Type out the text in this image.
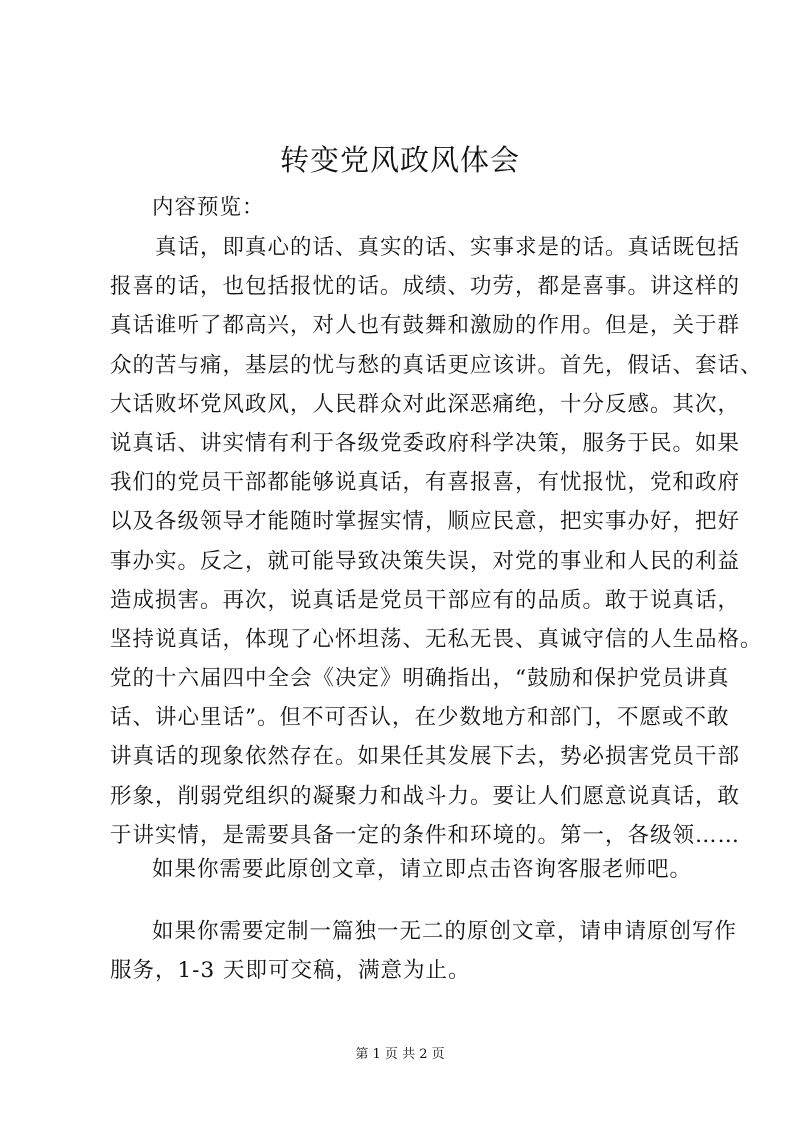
转变党风政风体会
内容预览：
　　真话，即真心的话、真实的话、实事求是的话。真话既包括
报喜的话，也包括报忧的话。成绩、功劳，都是喜事。讲这样的
真话谁听了都高兴，对人也有鼓舞和激励的作用。但是，关于群
众的苦与痛，基层的忧与愁的真话更应该讲。首先，假话、套话、
大话败坏党风政风，人民群众对此深恶痛绝，十分反感。其次，
说真话、讲实情有利于各级党委政府科学决策，服务于民。如果
我们的党员干部都能够说真话，有喜报喜，有忧报忧，党和政府
以及各级领导才能随时掌握实情，顺应民意，把实事办好，把好
事办实。反之，就可能导致决策失误，对党的事业和人民的利益
造成损害。再次，说真话是党员干部应有的品质。敢于说真话，
坚持说真话，体现了心怀坦荡、无私无畏、真诚守信的人生品格。
党的十六届四中全会《决定》明确指出，“鼓励和保护党员讲真
话、讲心里话”。但不可否认，在少数地方和部门，不愿或不敢
讲真话的现象依然存在。如果任其发展下去，势必损害党员干部
形象，削弱党组织的凝聚力和战斗力。要让人们愿意说真话，敢
于讲实情，是需要具备一定的条件和环境的。第一，各级领……
如果你需要此原创文章，请立即点击咨询客服老师吧。
如果你需要定制一篇独一无二的原创文章，请申请原创写作
服务，1-3 天即可交稿，满意为止。
第 1 页 共 2 页
